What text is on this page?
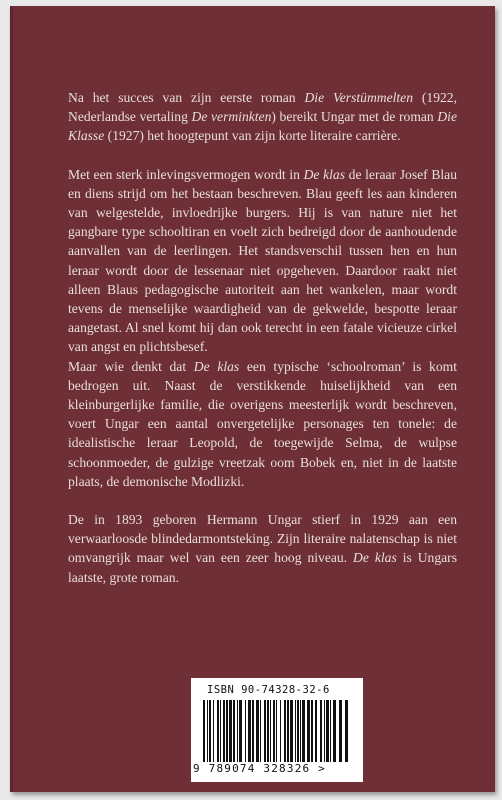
Na het succes van zijn eerste roman Die Verstümmelten (1922, Nederlandse vertaling De verminkten) bereikt Ungar met de roman Die Klasse (1927) het hoogtepunt van zijn korte literaire carrière.

Met een sterk inlevingsvermogen wordt in De klas de leraar Josef Blau en diens strijd om het bestaan beschreven. Blau geeft les aan kinderen van welgestelde, invloedrijke burgers. Hij is van nature niet het gangbare type schooltiran en voelt zich bedreigd door de aanhoudende aanvallen van de leerlingen. Het standsverschil tussen hen en hun leraar wordt door de lessenaar niet opgeheven. Daardoor raakt niet alleen Blaus pedagogische autoriteit aan het wankelen, maar wordt tevens de menselijke waardigheid van de gekwelde, bespotte leraar aangetast. Al snel komt hij dan ook terecht in een fatale vicieuze cirkel van angst en plichtsbesef.

Maar wie denkt dat De klas een typische ‘schoolroman’ is komt bedrogen uit. Naast de verstikkende huiselijkheid van een kleinburgerlijke familie, die overigens meesterlijk wordt beschreven, voert Ungar een aantal onvergetelijke personages ten tonele: de idealistische leraar Leopold, de toegewijde Selma, de wulpse schoonmoeder, de gulzige vreetzak oom Bobek en, niet in de laatste plaats, de demonische Modlizki.

De in 1893 geboren Hermann Ungar stierf in 1929 aan een verwaarloosde blindedarmontsteking. Zijn literaire nalatenschap is niet omvangrijk maar wel van een zeer hoog niveau. De klas is Ungars laatste, grote roman.

ISBN 90-74328-32-6
9 789074 328326 >
